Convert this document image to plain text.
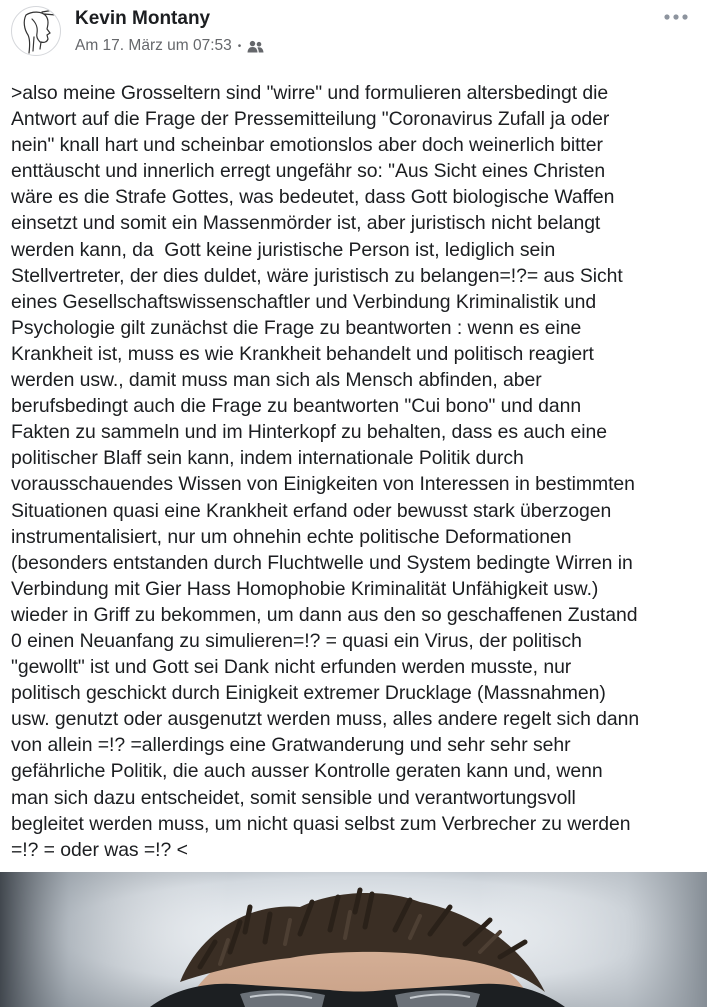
Kevin Montany
Am 17. März um 07:53 •
>also meine Grosseltern sind "wirre" und formulieren altersbedingt die
Antwort auf die Frage der Pressemitteilung "Coronavirus Zufall ja oder
nein" knall hart und scheinbar emotionslos aber doch weinerlich bitter
enttäuscht und innerlich erregt ungefähr so: "Aus Sicht eines Christen
wäre es die Strafe Gottes, was bedeutet, dass Gott biologische Waffen
einsetzt und somit ein Massenmörder ist, aber juristisch nicht belangt
werden kann, da  Gott keine juristische Person ist, lediglich sein
Stellvertreter, der dies duldet, wäre juristisch zu belangen=!?= aus Sicht
eines Gesellschaftswissenschaftler und Verbindung Kriminalistik und
Psychologie gilt zunächst die Frage zu beantworten : wenn es eine
Krankheit ist, muss es wie Krankheit behandelt und politisch reagiert
werden usw., damit muss man sich als Mensch abfinden, aber
berufsbedingt auch die Frage zu beantworten "Cui bono" und dann
Fakten zu sammeln und im Hinterkopf zu behalten, dass es auch eine
politischer Blaff sein kann, indem internationale Politik durch
vorausschauendes Wissen von Einigkeiten von Interessen in bestimmten
Situationen quasi eine Krankheit erfand oder bewusst stark überzogen
instrumentalisiert, nur um ohnehin echte politische Deformationen
(besonders entstanden durch Fluchtwelle und System bedingte Wirren in
Verbindung mit Gier Hass Homophobie Kriminalität Unfähigkeit usw.)
wieder in Griff zu bekommen, um dann aus den so geschaffenen Zustand
0 einen Neuanfang zu simulieren=!? = quasi ein Virus, der politisch
"gewollt" ist und Gott sei Dank nicht erfunden werden musste, nur
politisch geschickt durch Einigkeit extremer Drucklage (Massnahmen)
usw. genutzt oder ausgenutzt werden muss, alles andere regelt sich dann
von allein =!? =allerdings eine Gratwanderung und sehr sehr sehr
gefährliche Politik, die auch ausser Kontrolle geraten kann und, wenn
man sich dazu entscheidet, somit sensible und verantwortungsvoll
begleitet werden muss, um nicht quasi selbst zum Verbrecher zu werden
=!? = oder was =!? <
